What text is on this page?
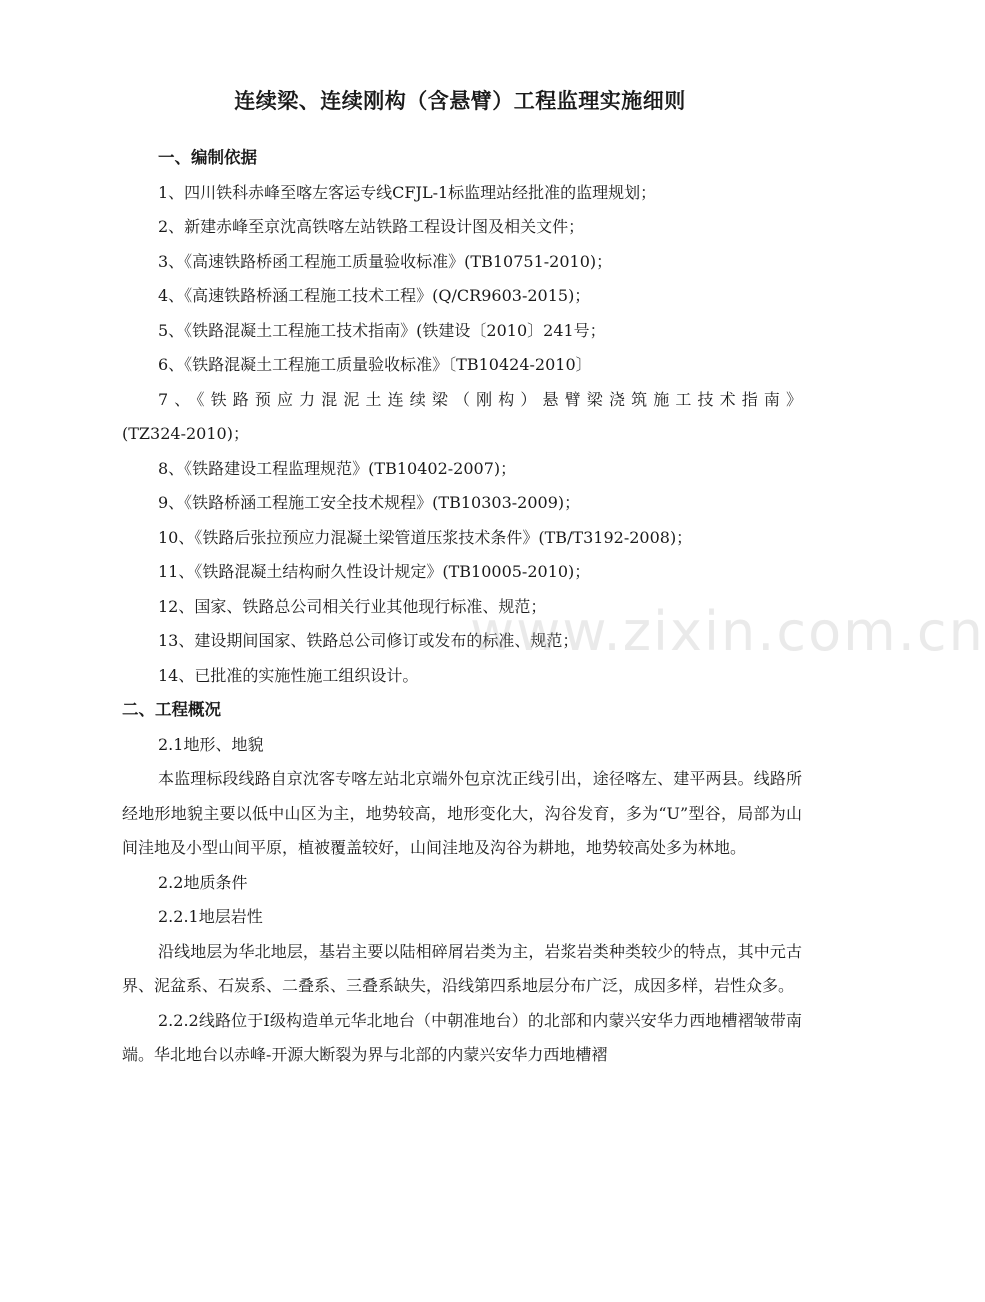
连续梁、连续刚构（含悬臂）工程监理实施细则

一、编制依据

1、四川铁科赤峰至喀左客运专线CFJL-1标监理站经批准的监理规划；

2、新建赤峰至京沈高铁喀左站铁路工程设计图及相关文件；

3、《高速铁路桥函工程施工质量验收标准》(TB10751-2010)；

4、《高速铁路桥涵工程施工技术工程》(Q/CR9603-2015)；

5、《铁路混凝土工程施工技术指南》(铁建设〔2010〕241号；

6、《铁路混凝土工程施工质量验收标准》〔TB10424-2010〕

7、《铁路预应力混泥土连续梁（刚构）悬臂梁浇筑施工技术指南》

(TZ324-2010)；

8、《铁路建设工程监理规范》(TB10402-2007)；

9、《铁路桥涵工程施工安全技术规程》(TB10303-2009)；

10、《铁路后张拉预应力混凝土梁管道压浆技术条件》(TB/T3192-2008)；

11、《铁路混凝土结构耐久性设计规定》(TB10005-2010)；

12、国家、铁路总公司相关行业其他现行标准、规范；

13、建设期间国家、铁路总公司修订或发布的标准、规范；

14、已批准的实施性施工组织设计。

二、工程概况

2.1地形、地貌

本监理标段线路自京沈客专喀左站北京端外包京沈正线引出，途径喀左、建平两县。线路所经地形地貌主要以低中山区为主，地势较高，地形变化大，沟谷发育，多为“U”型谷，局部为山间洼地及小型山间平原，植被覆盖较好，山间洼地及沟谷为耕地，地势较高处多为林地。

2.2地质条件

2.2.1地层岩性

沿线地层为华北地层，基岩主要以陆相碎屑岩类为主，岩浆岩类种类较少的特点，其中元古界、泥盆系、石炭系、二叠系、三叠系缺失，沿线第四系地层分布广泛，成因多样，岩性众多。

2.2.2线路位于Ⅰ级构造单元华北地台（中朝准地台）的北部和内蒙兴安华力西地槽褶皱带南端。华北地台以赤峰-开源大断裂为界与北部的内蒙兴安华力西地槽褶

www.zixin.com.cn
